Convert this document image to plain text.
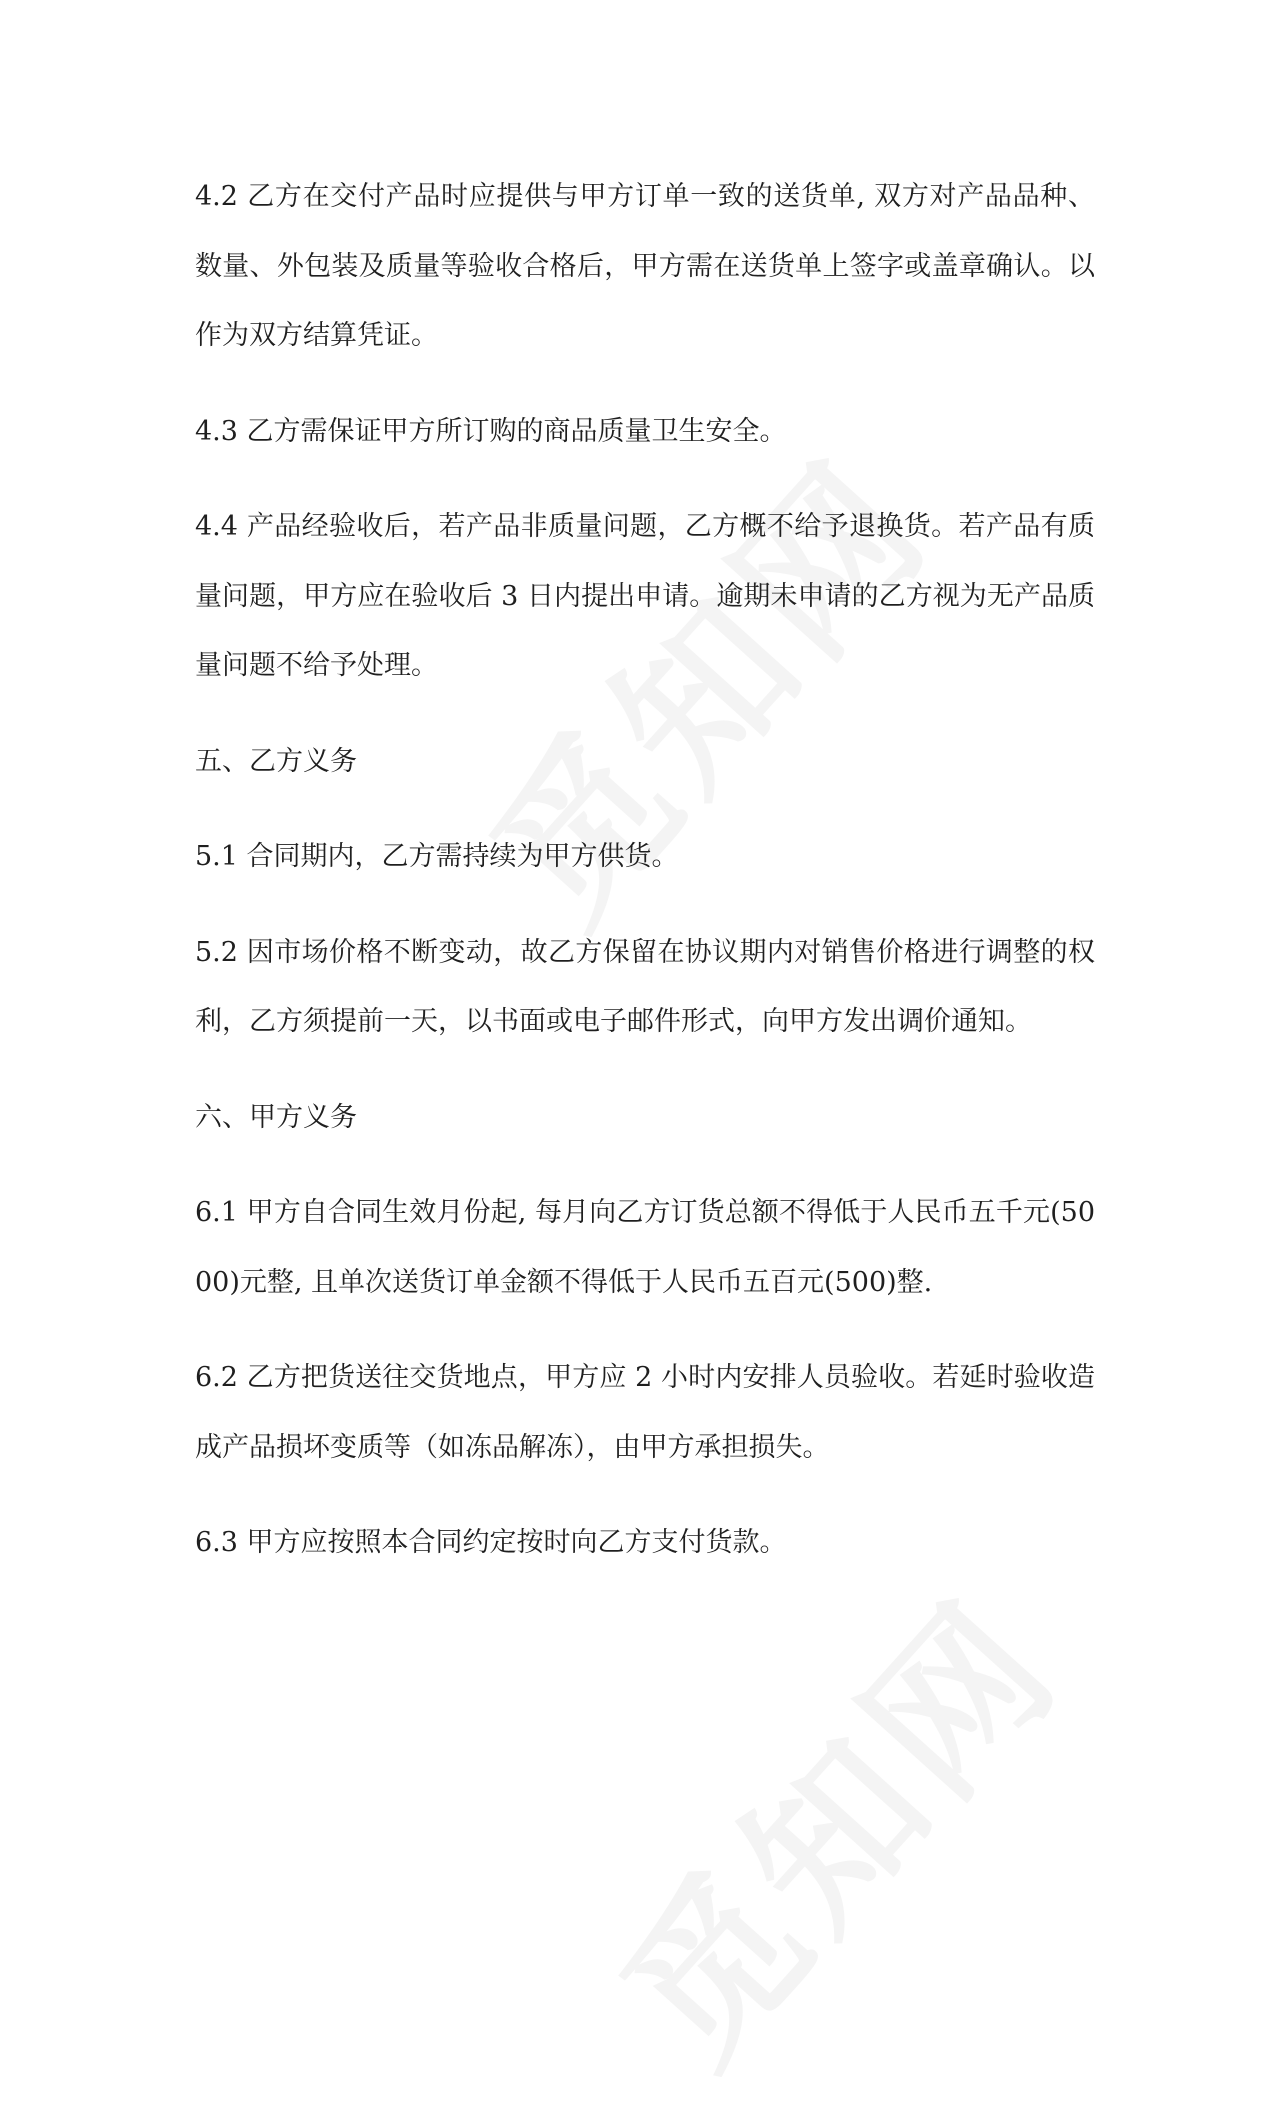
4.2 乙方在交付产品时应提供与甲方订单一致的送货单, 双方对产品品种、数量、外包装及质量等验收合格后，甲方需在送货单上签字或盖章确认。以作为双方结算凭证。

4.3 乙方需保证甲方所订购的商品质量卫生安全。

4.4 产品经验收后，若产品非质量问题，乙方概不给予退换货。若产品有质量问题，甲方应在验收后 3 日内提出申请。逾期未申请的乙方视为无产品质量问题不给予处理。

五、乙方义务

5.1 合同期内，乙方需持续为甲方供货。

5.2 因市场价格不断变动，故乙方保留在协议期内对销售价格进行调整的权利，乙方须提前一天，以书面或电子邮件形式，向甲方发出调价通知。

六、甲方义务

6.1 甲方自合同生效月份起, 每月向乙方订货总额不得低于人民币五千元(5000)元整, 且单次送货订单金额不得低于人民币五百元(500)整.

6.2 乙方把货送往交货地点，甲方应 2 小时内安排人员验收。若延时验收造成产品损坏变质等（如冻品解冻），由甲方承担损失。

6.3 甲方应按照本合同约定按时向乙方支付货款。
